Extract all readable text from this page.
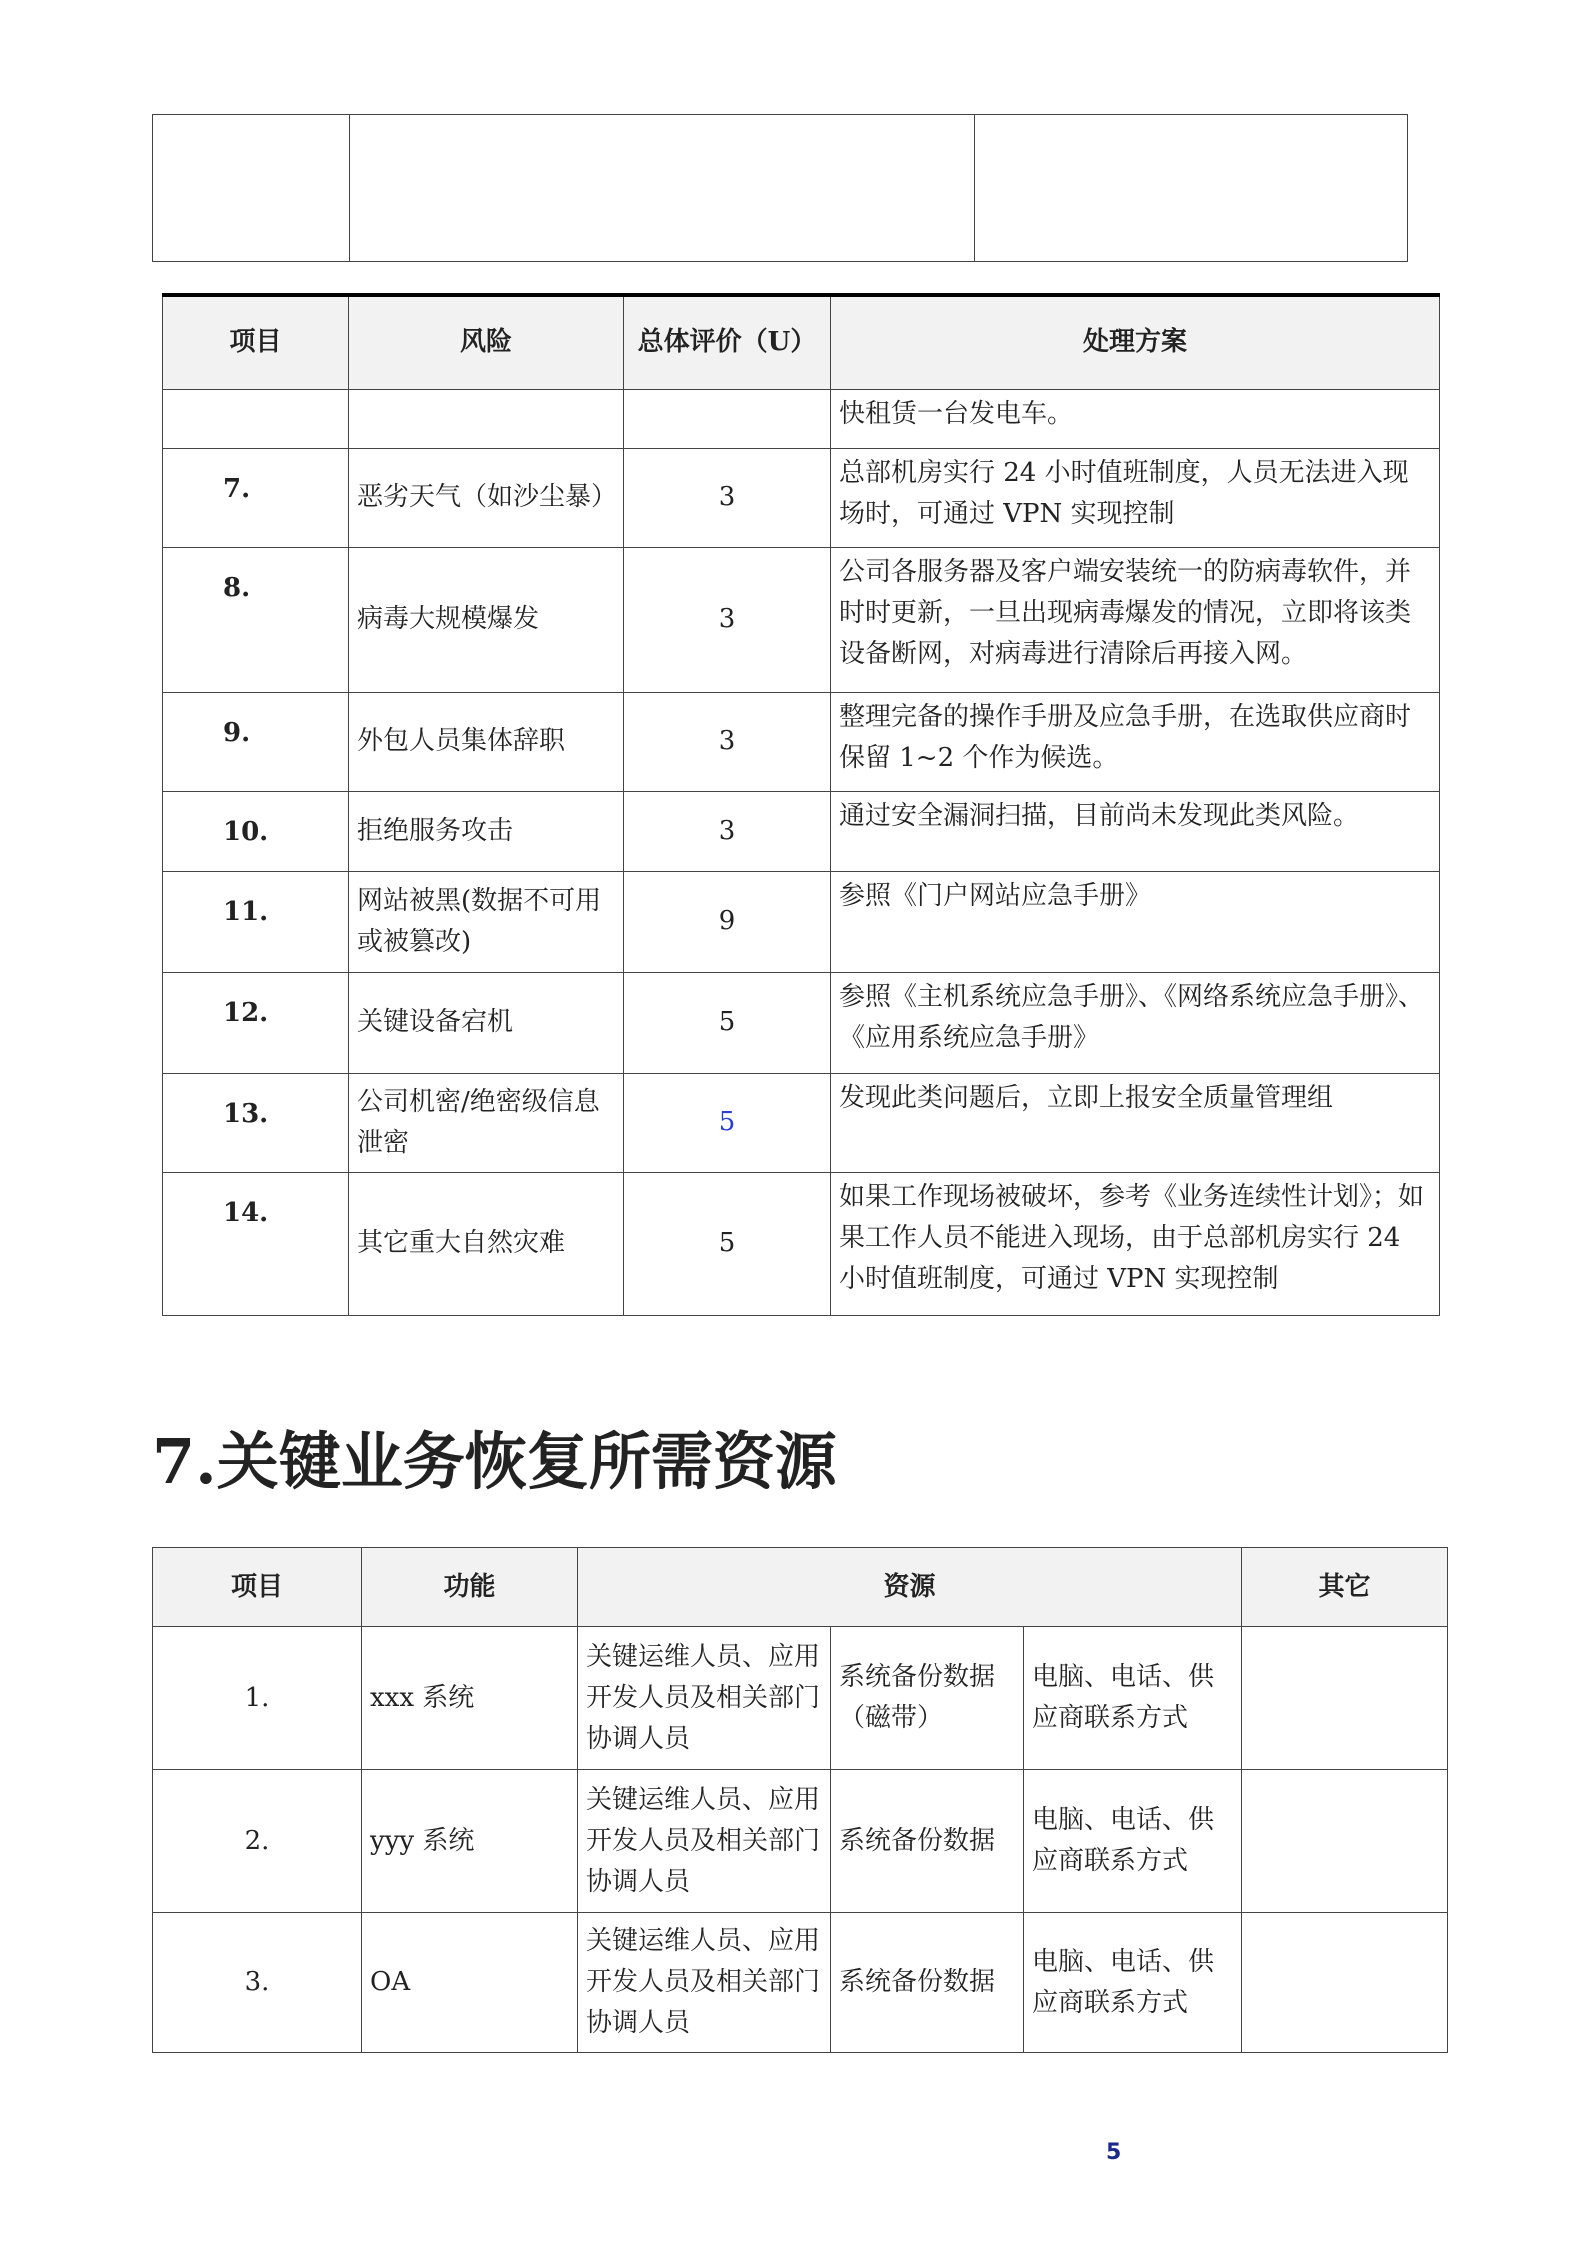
项目	风险	总体评价（U）	处理方案
			快租赁一台发电车。
7.	恶劣天气（如沙尘暴）	3	总部机房实行 24 小时值班制度，人员无法进入现场时，可通过 VPN 实现控制
8.	病毒大规模爆发	3	公司各服务器及客户端安装统一的防病毒软件，并时时更新，一旦出现病毒爆发的情况，立即将该类设备断网，对病毒进行清除后再接入网。
9.	外包人员集体辞职	3	整理完备的操作手册及应急手册，在选取供应商时保留 1~2 个作为候选。
10.	拒绝服务攻击	3	通过安全漏洞扫描，目前尚未发现此类风险。
11.	网站被黑(数据不可用或被篡改)	9	参照《门户网站应急手册》
12.	关键设备宕机	5	参照《主机系统应急手册》、《网络系统应急手册》、《应用系统应急手册》
13.	公司机密/绝密级信息泄密	5	发现此类问题后，立即上报安全质量管理组
14.	其它重大自然灾难	5	如果工作现场被破坏，参考《业务连续性计划》；如果工作人员不能进入现场，由于总部机房实行 24 小时值班制度，可通过 VPN 实现控制
7.关键业务恢复所需资源
项目	功能	资源			其它
1.	xxx 系统	关键运维人员、应用开发人员及相关部门协调人员	系统备份数据（磁带）	电脑、电话、供应商联系方式	
2.	yyy 系统	关键运维人员、应用开发人员及相关部门协调人员	系统备份数据	电脑、电话、供应商联系方式	
3.	OA	关键运维人员、应用开发人员及相关部门协调人员	系统备份数据	电脑、电话、供应商联系方式	
5
